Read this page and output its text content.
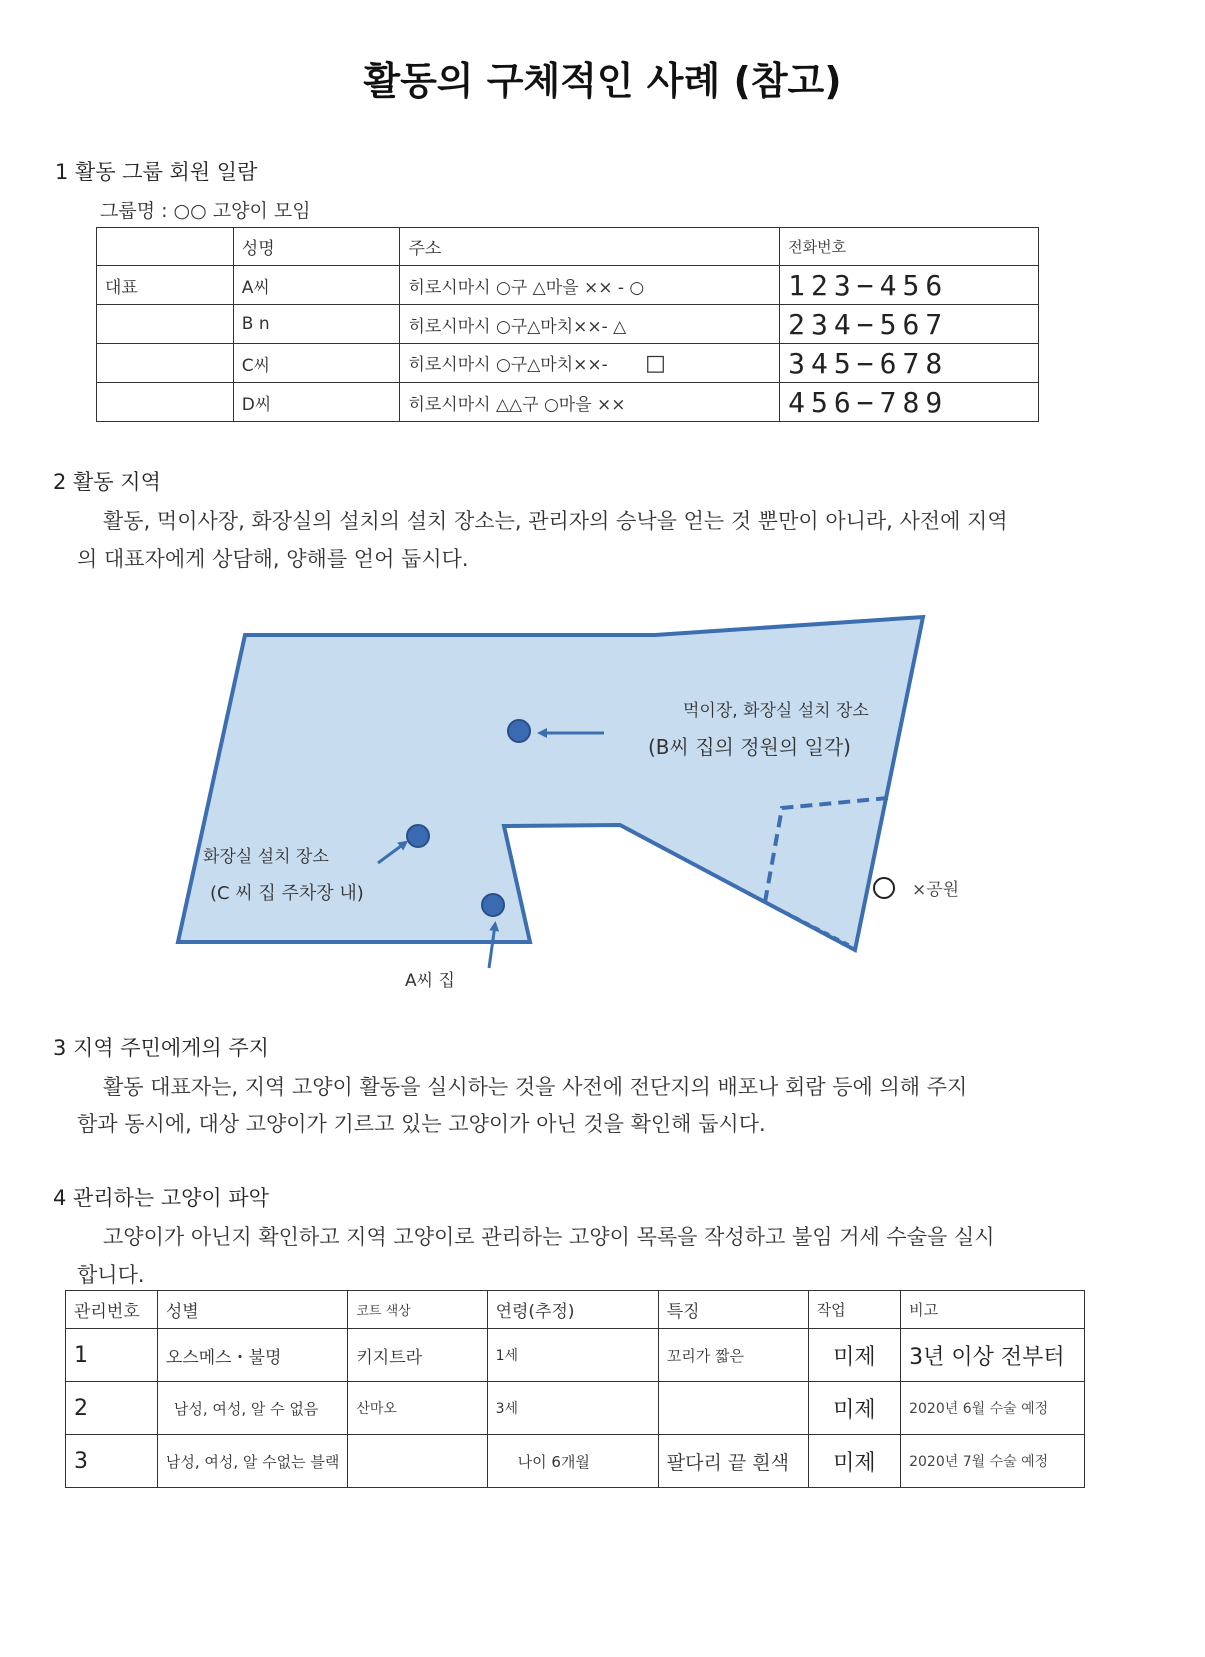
활동의 구체적인 사례 (참고)
1 활동 그룹 회원 일람
그룹명 : ○○ 고양이 모임
	성명	주소	전화번호
대표	A씨	히로시마시 ○구 △마을 ×× - ○	123−456
	B n	히로시마시 ○구△마치××- △	234−567
	C씨	히로시마시 ○구△마치××- □	345−678
	D씨	히로시마시 △△구 ○마을 ××	456−789
2 활동 지역
활동, 먹이사장, 화장실의 설치의 설치 장소는, 관리자의 승낙을 얻는 것 뿐만이 아니라, 사전에 지역
의 대표자에게 상담해, 양해를 얻어 둡시다.
먹이장, 화장실 설치 장소
(B씨 집의 정원의 일각)
화장실 설치 장소
(C 씨 집 주차장 내)
A씨 집
×공원
3 지역 주민에게의 주지
활동 대표자는, 지역 고양이 활동을 실시하는 것을 사전에 전단지의 배포나 회람 등에 의해 주지
함과 동시에, 대상 고양이가 기르고 있는 고양이가 아닌 것을 확인해 둡시다.
4 관리하는 고양이 파악
고양이가 아닌지 확인하고 지역 고양이로 관리하는 고양이 목록을 작성하고 불임 거세 수술을 실시
합니다.
관리번호	성별	코트 색상	연령(추정)	특징	작업	비고
1	오스메스・불명	키지트라	1세	꼬리가 짧은	미제	3년 이상 전부터
2	남성, 여성, 알 수 없음	산마오	3세		미제	2020년 6월 수술 예정
3	남성, 여성, 알 수없는 블랙		나이 6개월	팔다리 끝 흰색	미제	2020년 7월 수술 예정
